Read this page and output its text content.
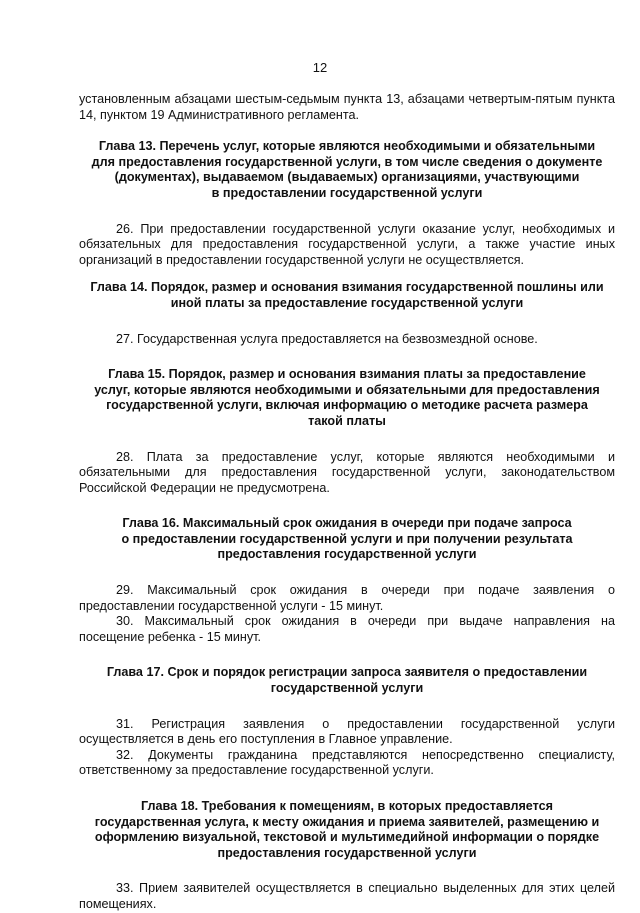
12

установленным абзацами шестым-седьмым пункта 13, абзацами четвертым-пятым пункта 14, пунктом 19 Административного регламента.

Глава 13. Перечень услуг, которые являются необходимыми и обязательными
для предоставления государственной услуги, в том числе сведения о документе
(документах), выдаваемом (выдаваемых) организациями, участвующими
в предоставлении государственной услуги

26. При предоставлении государственной услуги оказание услуг, необходимых и обязательных для предоставления государственной услуги, а также участие иных организаций в предоставлении государственной услуги не осуществляется.

Глава 14. Порядок, размер и основания взимания государственной пошлины или
иной платы за предоставление государственной услуги

27. Государственная услуга предоставляется на безвозмездной основе.

Глава 15. Порядок, размер и основания взимания платы за предоставление
услуг, которые являются необходимыми и обязательными для предоставления
государственной услуги, включая информацию о методике расчета размера
такой платы

28. Плата за предоставление услуг, которые являются необходимыми и обязательными для предоставления государственной услуги, законодательством Российской Федерации не предусмотрена.

Глава 16. Максимальный срок ожидания в очереди при подаче запроса
о предоставлении государственной услуги и при получении результата
предоставления государственной услуги

29. Максимальный срок ожидания в очереди при подаче заявления о предоставлении государственной услуги - 15 минут.

30. Максимальный срок ожидания в очереди при выдаче направления на посещение ребенка - 15 минут.

Глава 17. Срок и порядок регистрации запроса заявителя о предоставлении
государственной услуги

31. Регистрация заявления о предоставлении государственной услуги осуществляется в день его поступления в Главное управление.

32. Документы гражданина представляются непосредственно специалисту, ответственному за предоставление государственной услуги.

Глава 18. Требования к помещениям, в которых предоставляется
государственная услуга, к месту ожидания и приема заявителей, размещению и
оформлению визуальной, текстовой и мультимедийной информации о порядке
предоставления государственной услуги

33. Прием заявителей осуществляется в специально выделенных для этих целей помещениях.
